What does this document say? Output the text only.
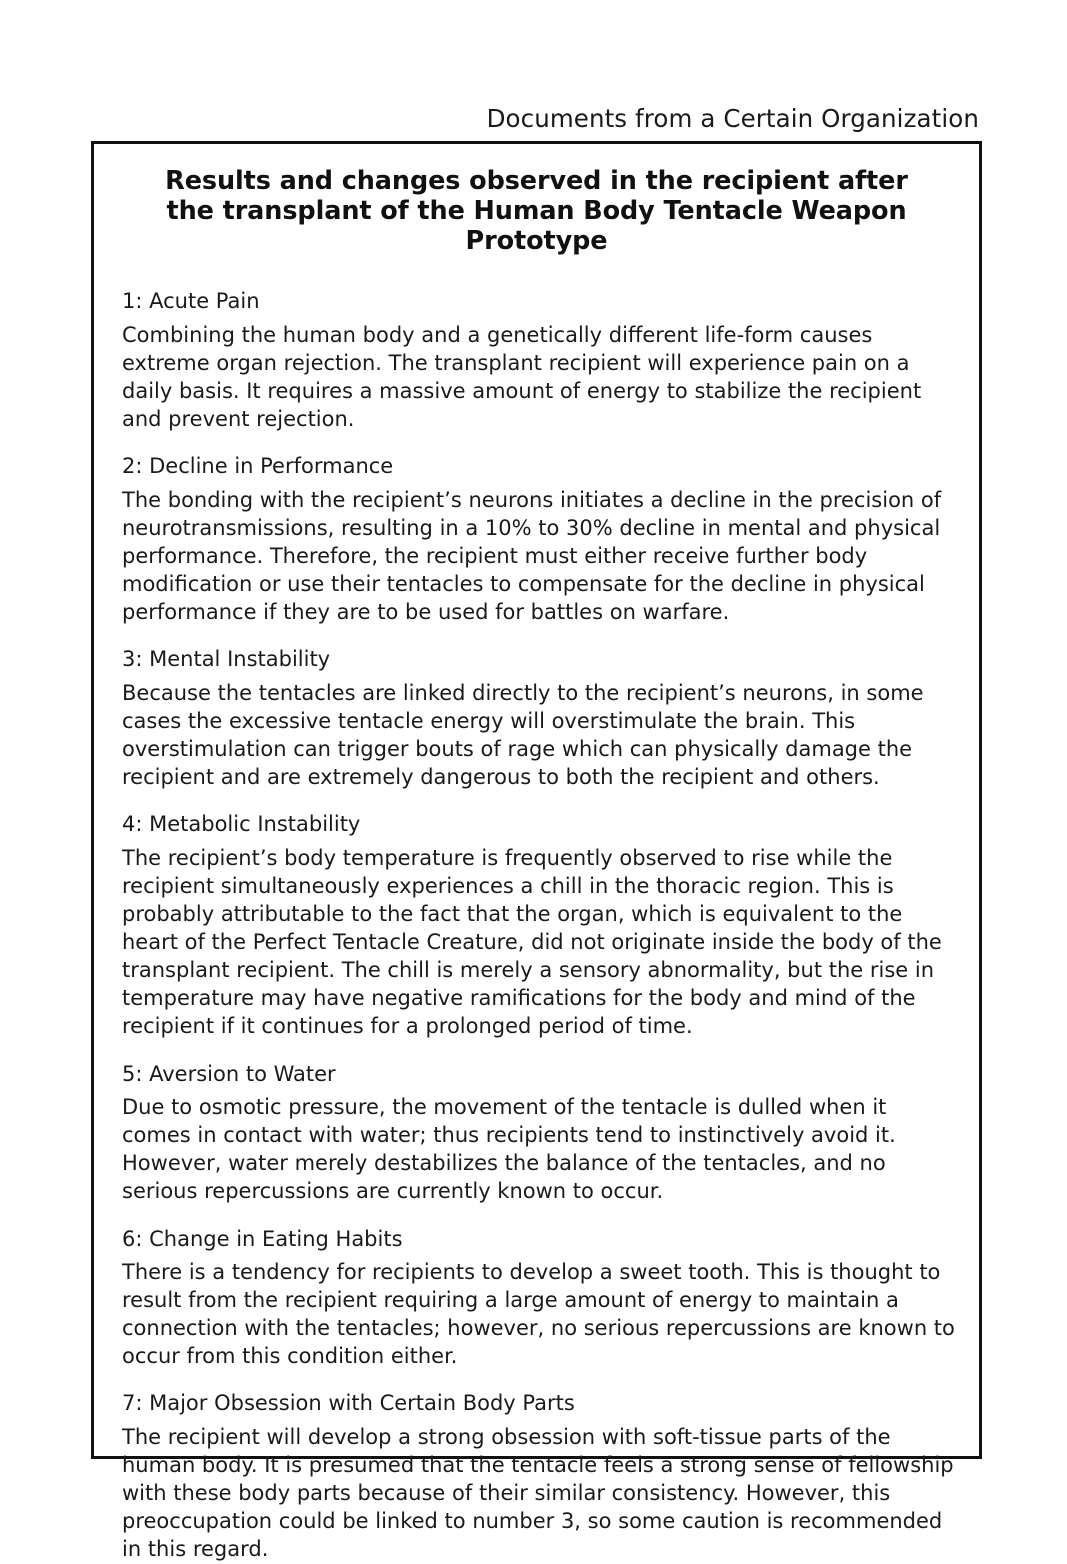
Documents from a Certain Organization
Results and changes observed in the recipient after the transplant of the Human Body Tentacle Weapon Prototype

1: Acute Pain

Combining the human body and a genetically different life-form causes extreme organ rejection. The transplant recipient will experience pain on a daily basis. It requires a massive amount of energy to stabilize the recipient and prevent rejection.

2: Decline in Performance

The bonding with the recipient’s neurons initiates a decline in the precision of neurotransmissions, resulting in a 10% to 30% decline in mental and physical performance. Therefore, the recipient must either receive further body modification or use their tentacles to compensate for the decline in physical performance if they are to be used for battles on warfare.

3: Mental Instability

Because the tentacles are linked directly to the recipient’s neurons, in some cases the excessive tentacle energy will overstimulate the brain. This overstimulation can trigger bouts of rage which can physically damage the recipient and are extremely dangerous to both the recipient and others.

4: Metabolic Instability

The recipient’s body temperature is frequently observed to rise while the recipient simultaneously experiences a chill in the thoracic region. This is probably attributable to the fact that the organ, which is equivalent to the heart of the Perfect Tentacle Creature, did not originate inside the body of the transplant recipient. The chill is merely a sensory abnormality, but the rise in temperature may have negative ramifications for the body and mind of the recipient if it continues for a prolonged period of time.

5: Aversion to Water

Due to osmotic pressure, the movement of the tentacle is dulled when it comes in contact with water; thus recipients tend to instinctively avoid it. However, water merely destabilizes the balance of the tentacles, and no serious repercussions are currently known to occur.

6: Change in Eating Habits

There is a tendency for recipients to develop a sweet tooth. This is thought to result from the recipient requiring a large amount of energy to maintain a connection with the tentacles; however, no serious repercussions are known to occur from this condition either.

7: Major Obsession with Certain Body Parts

The recipient will develop a strong obsession with soft-tissue parts of the human body. It is presumed that the tentacle feels a strong sense of fellowship with these body parts because of their similar consistency. However, this preoccupation could be linked to number 3, so some caution is recommended in this regard.
